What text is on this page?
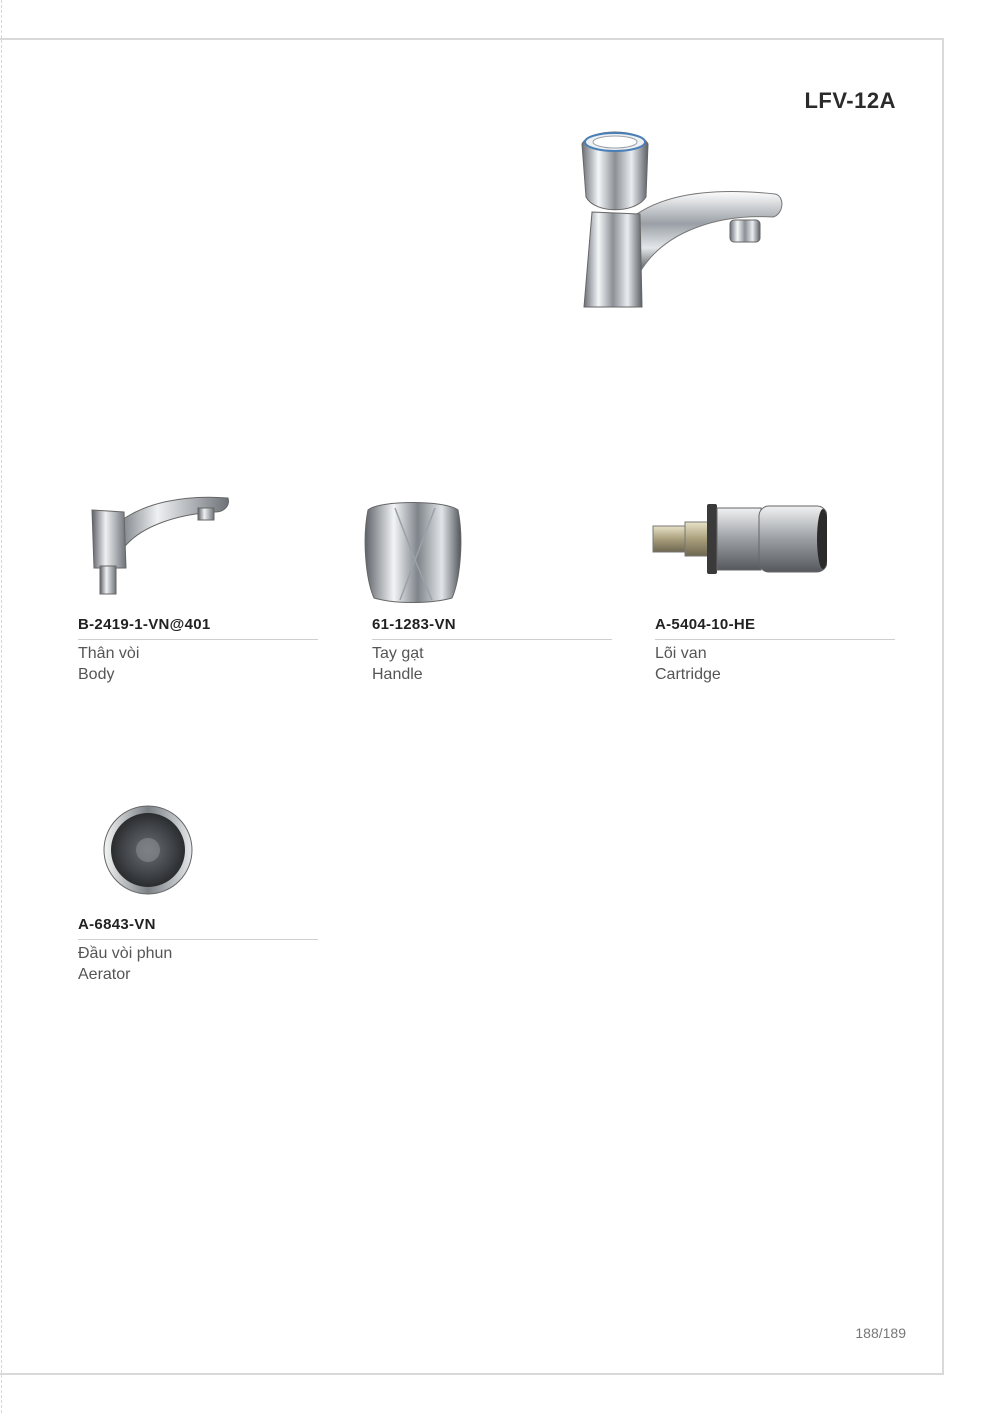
LFV-12A
B-2419-1-VN@401
Thân vòi
Body
61-1283-VN
Tay gạt
Handle
A-5404-10-HE
Lõi van
Cartridge
A-6843-VN
Đầu vòi phun
Aerator
188/189
